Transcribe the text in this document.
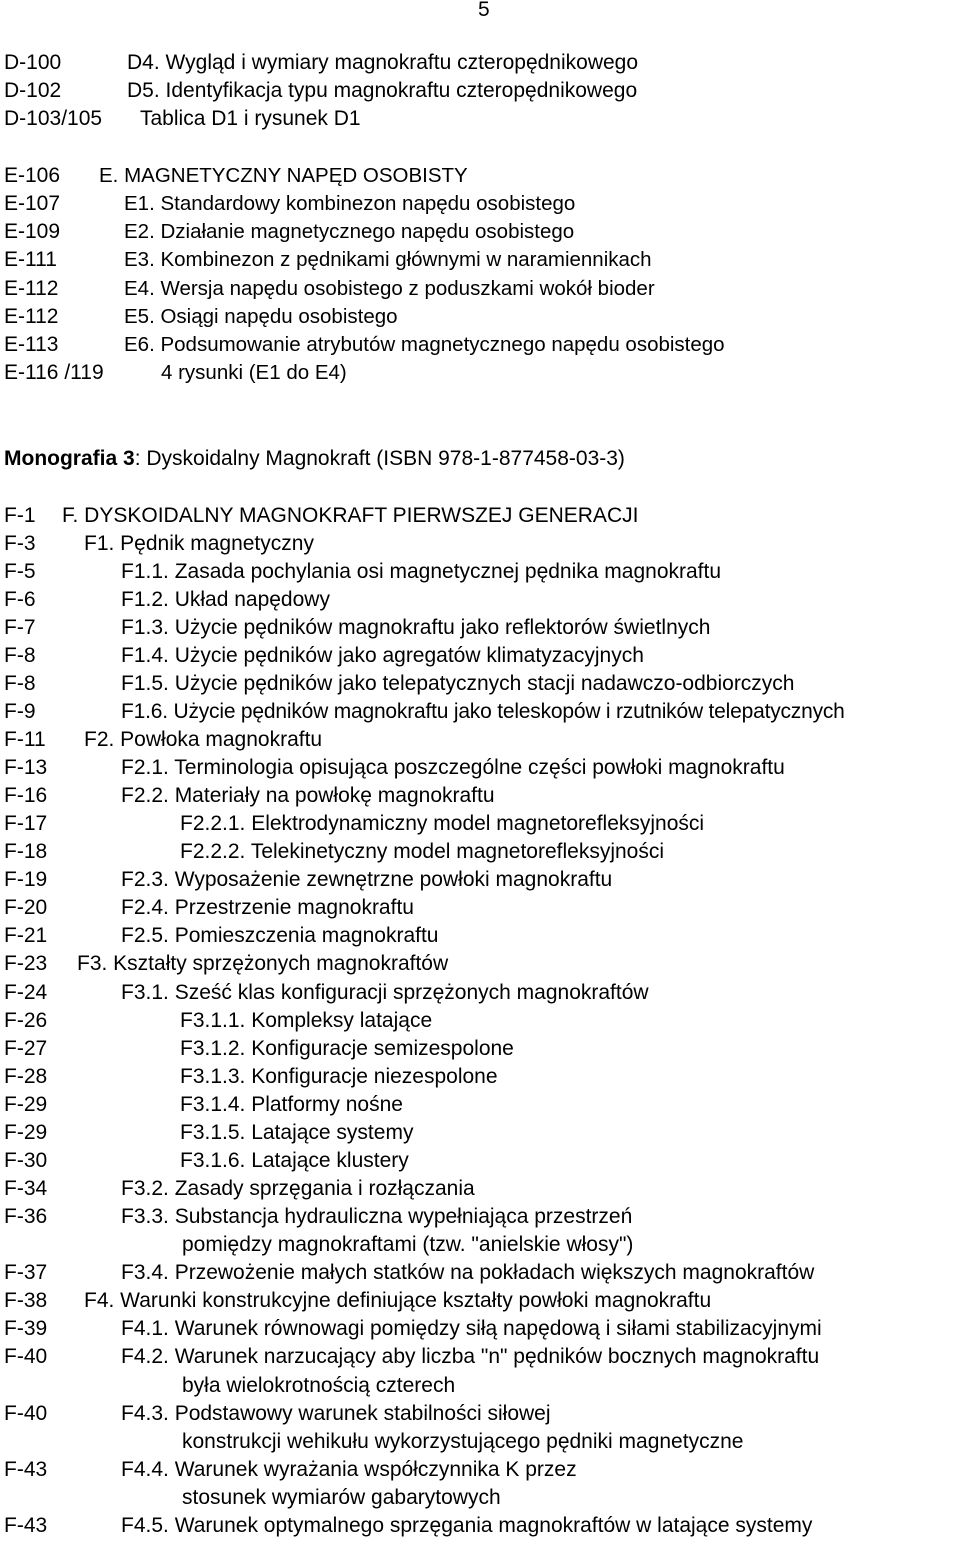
5
D-100	D4. Wygląd i wymiary magnokraftu czteropędnikowego
D-102	D5. Identyfikacja typu magnokraftu czteropędnikowego
D-103/105 Tablica D1 i rysunek D1
E-106 E. MAGNETYCZNY NAPĘD OSOBISTY
E-107	E1. Standardowy kombinezon napędu osobistego
E-109	E2. Działanie magnetycznego napędu osobistego
E-111	E3. Kombinezon z pędnikami głównymi w naramiennikach
E-112	E4. Wersja napędu osobistego z poduszkami wokół bioder
E-112	E5. Osiągi napędu osobistego
E-113	E6. Podsumowanie atrybutów magnetycznego napędu osobistego
E-116 /119	4 rysunki (E1 do E4)
Monografia 3: Dyskoidalny Magnokraft (ISBN 978-1-877458-03-3)
F-1 F. DYSKOIDALNY MAGNOKRAFT PIERWSZEJ GENERACJI
F-3 F1. Pędnik magnetyczny
F-5	F1.1. Zasada pochylania osi magnetycznej pędnika magnokraftu
F-6	F1.2. Układ napędowy
F-7	F1.3. Użycie pędników magnokraftu jako reflektorów świetlnych
F-8	F1.4. Użycie pędników jako agregatów klimatyzacyjnych
F-8	F1.5. Użycie pędników jako telepatycznych stacji nadawczo-odbiorczych
F-9	F1.6. Użycie pędników magnokraftu jako teleskopów i rzutników telepatycznych
F-11 F2. Powłoka magnokraftu
F-13	F2.1. Terminologia opisująca poszczególne części powłoki magnokraftu
F-16	F2.2. Materiały na powłokę magnokraftu
F-17	F2.2.1. Elektrodynamiczny model magnetorefleksyjności
F-18	F2.2.2. Telekinetyczny model magnetorefleksyjności
F-19	F2.3. Wyposażenie zewnętrzne powłoki magnokraftu
F-20	F2.4. Przestrzenie magnokraftu
F-21	F2.5. Pomieszczenia magnokraftu
F-23 F3. Kształty sprzężonych magnokraftów
F-24	F3.1. Sześć klas konfiguracji sprzężonych magnokraftów
F-26	F3.1.1. Kompleksy latające
F-27	F3.1.2. Konfiguracje semizespolone
F-28	F3.1.3. Konfiguracje niezespolone
F-29	F3.1.4. Platformy nośne
F-29	F3.1.5. Latające systemy
F-30	F3.1.6. Latające klustery
F-34	F3.2. Zasady sprzęgania i rozłączania
F-36	F3.3. Substancja hydrauliczna wypełniająca przestrzeń
pomiędzy magnokraftami (tzw. "anielskie włosy")
F-37	F3.4. Przewożenie małych statków na pokładach większych magnokraftów
F-38 F4. Warunki konstrukcyjne definiujące kształty powłoki magnokraftu
F-39	F4.1. Warunek równowagi pomiędzy siłą napędową i siłami stabilizacyjnymi
F-40	F4.2. Warunek narzucający aby liczba "n" pędników bocznych magnokraftu
była wielokrotnością czterech
F-40	F4.3. Podstawowy warunek stabilności siłowej
konstrukcji wehikułu wykorzystującego pędniki magnetyczne
F-43	F4.4. Warunek wyrażania współczynnika K przez
stosunek wymiarów gabarytowych
F-43	F4.5. Warunek optymalnego sprzęgania magnokraftów w latające systemy
